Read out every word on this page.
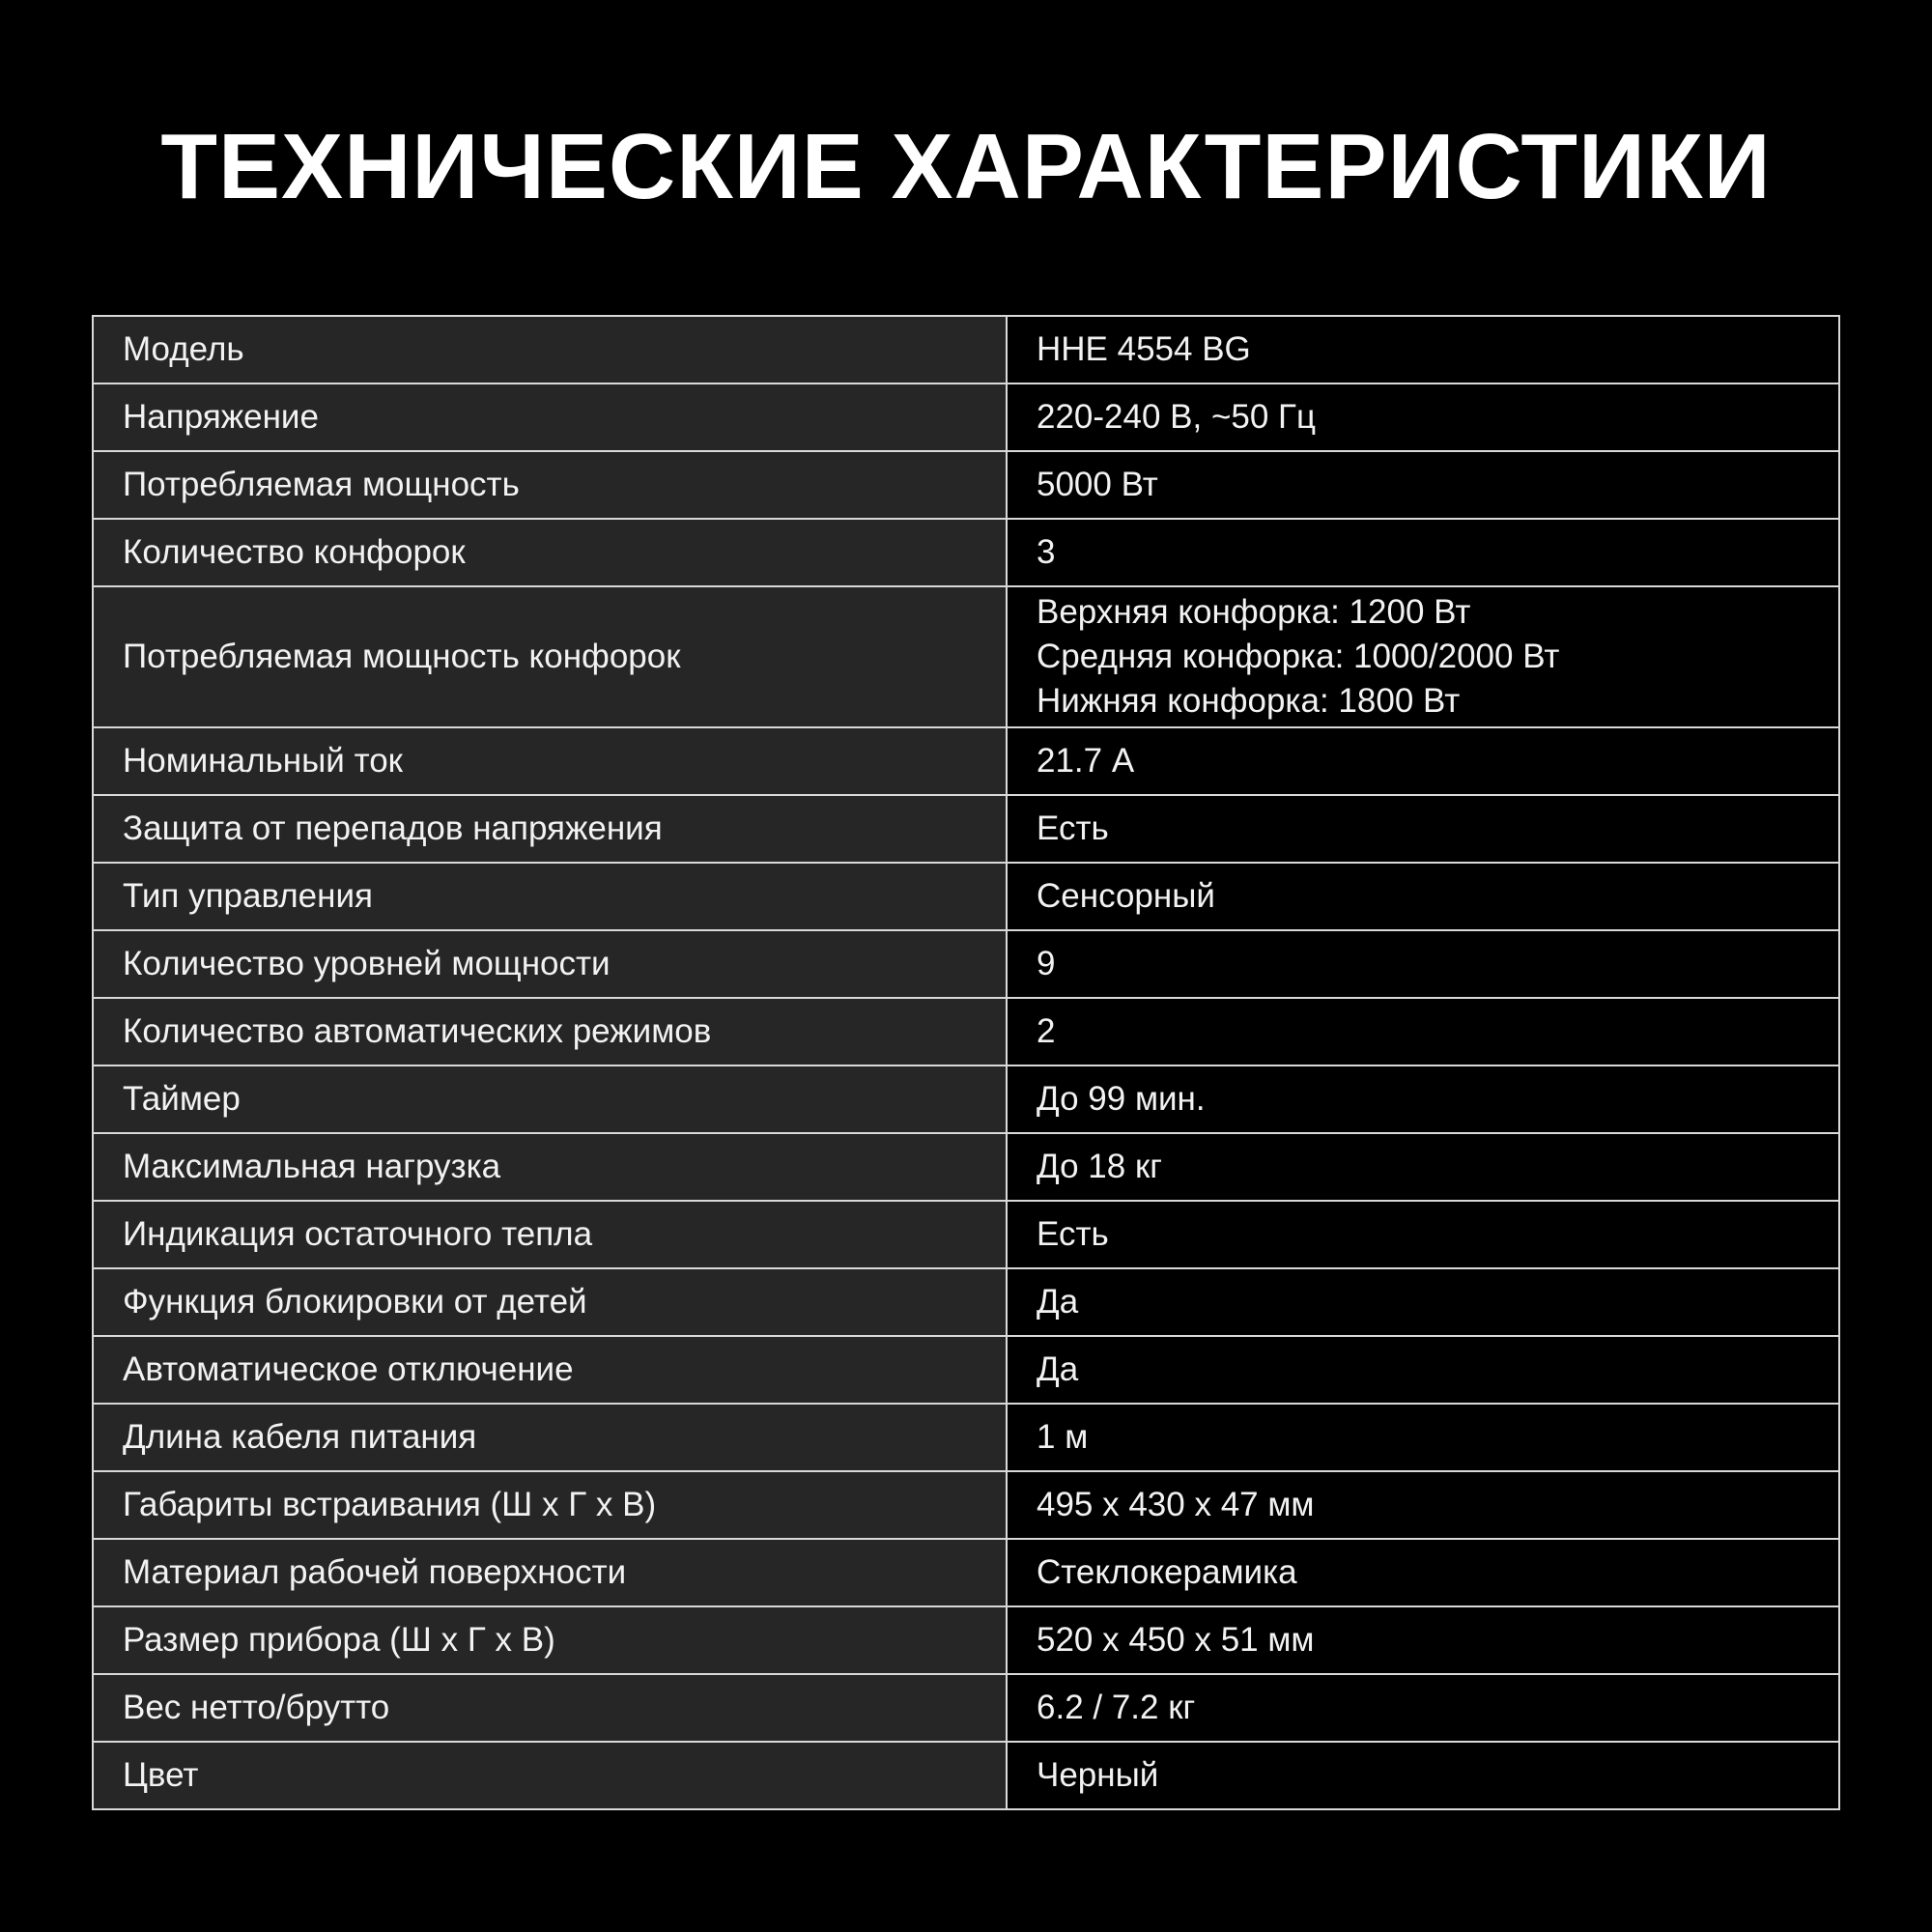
ТЕХНИЧЕСКИЕ ХАРАКТЕРИСТИКИ
Модель	HHE 4554 BG
Напряжение	220-240 В, ~50 Гц
Потребляемая мощность	5000 Вт
Количество конфорок	3
Потребляемая мощность конфорок	Верхняя конфорка: 1200 Вт
Средняя конфорка: 1000/2000 Вт
Нижняя конфорка: 1800 Вт

Номинальный ток	21.7 А
Защита от перепадов напряжения	Есть
Тип управления	Сенсорный
Количество уровней мощности	9
Количество автоматических режимов	2
Таймер	До 99 мин.
Максимальная нагрузка	До 18 кг
Индикация остаточного тепла	Есть
Функция блокировки от детей	Да
Автоматическое отключение	Да
Длина кабеля питания	1 м
Габариты встраивания (Ш х Г х В)	495 х 430 х 47 мм
Материал рабочей поверхности	Стеклокерамика
Размер прибора (Ш х Г х В)	520 х 450 х 51 мм
Вес нетто/брутто	6.2 / 7.2 кг
Цвет	Черный
